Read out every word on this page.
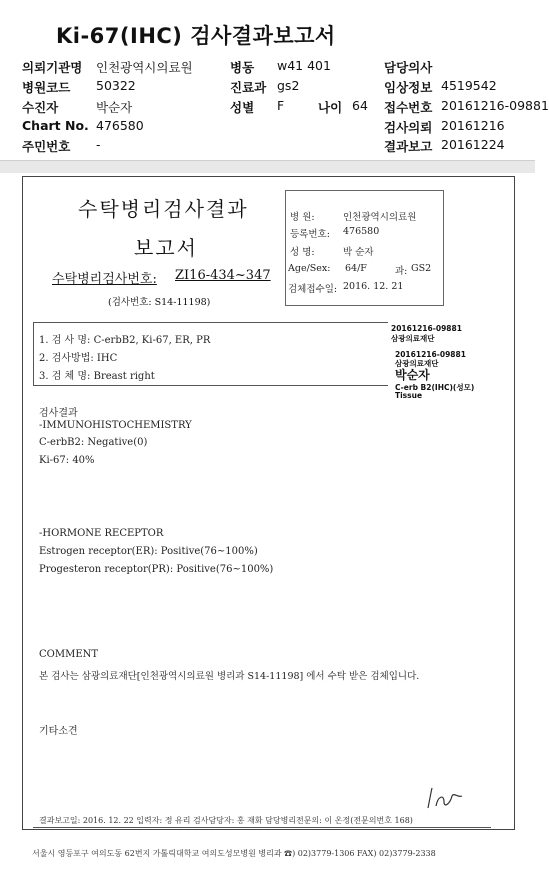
Ki-67(IHC) 검사결과보고서
의뢰기관명 인천광역시의료원
병원코드 50322
수진자	박순자
Chart No. 476580
주민번호 -
병동 w41 401
진료과 gs2
성별 F	나이 64
담당의사
임상정보 4519542
접수번호 20161216-09881
검사의뢰 20161216
결과보고 20161224
수탁병리검사결과
보고서
수탁병리검사번호: ZI16-434~347
(검사번호: S14-11198)
병 원:	인천광역시의료원
등록번호: 476580
성 명:	박 순자
Age/Sex: 64/F	과: GS2
검체접수일: 2016. 12. 21
1. 검 사 명: C-erbB2, Ki-67, ER, PR
2. 검사방법: IHC
3. 검 체 명: Breast right
20161216-09881
삼광의료재단
20161216-09881
삼광의료재단
박순자
C-erb B2(IHC)(성모)
Tissue
검사결과
-IMMUNOHISTOCHEMISTRY
C-erbB2: Negative(0)
Ki-67: 40%
-HORMONE RECEPTOR
Estrogen receptor(ER): Positive(76~100%)
Progesteron receptor(PR): Positive(76~100%)
COMMENT
본 검사는 삼광의료재단[인천광역시의료원 병리과 S14-11198] 에서 수탁 받은 검체입니다.
기타소견
결과보고일: 2016. 12. 22 입력자: 정 유리 검사담당자: 홍 재화 담당병리전문의: 이 온정(전문의번호 168)
서울시 영등포구 여의도동 62번지 가톨릭대학교 여의도성모병원 병리과 ☎) 02)3779-1306 FAX) 02)3779-2338
